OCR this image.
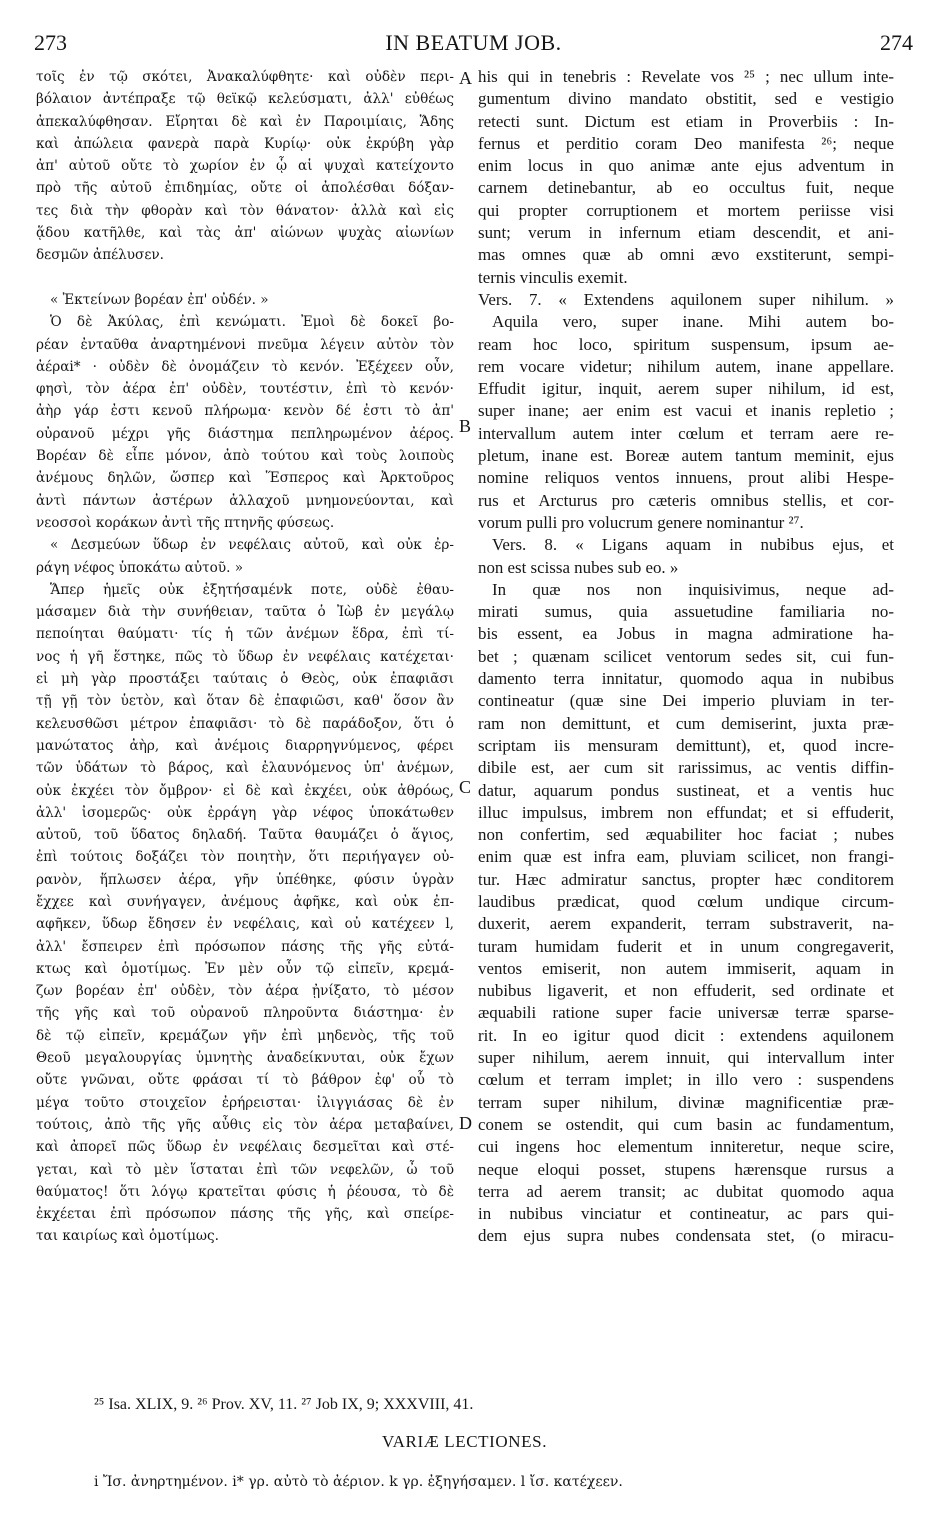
273	IN BEATUM JOB.	274
τοῖς ἐν τῷ σκότει, Ἀνακαλύφθητε· καὶ οὐδὲν περι-
βόλαιον ἀντέπραξε τῷ θεϊκῷ κελεύσματι, ἀλλ' εὐθέως
ἀπεκαλύφθησαν. Εἴρηται δὲ καὶ ἐν Παροιμίαις, Ἅδης
καὶ ἀπώλεια φανερὰ παρὰ Κυρίῳ· οὐκ ἐκρύβη γὰρ
ἀπ' αὐτοῦ οὔτε τὸ χωρίον ἐν ᾧ αἱ ψυχαὶ κατείχοντο
πρὸ τῆς αὐτοῦ ἐπιδημίας, οὔτε οἱ ἀπολέσθαι δόξαν-
τες διὰ τὴν φθορὰν καὶ τὸν θάνατον· ἀλλὰ καὶ εἰς
ᾅδου κατῆλθε, καὶ τὰς ἀπ' αἰώνων ψυχὰς αἰωνίων
δεσμῶν ἀπέλυσεν.
« Ἐκτείνων βορέαν ἐπ' οὐδέν. »
Ὁ δὲ Ἀκύλας, ἐπὶ κενώματι. Ἐμοὶ δὲ δοκεῖ βο-
ρέαν ἐνταῦθα ἀναρτημένονi πνεῦμα λέγειν αὐτὸν τὸν
ἀέραi* · οὐδὲν δὲ ὀνομάζειν τὸ κενόν. Ἐξέχεεν οὖν,
φησὶ, τὸν ἀέρα ἐπ' οὐδὲν, τουτέστιν, ἐπὶ τὸ κενόν·
ἀὴρ γάρ ἐστι κενοῦ πλήρωμα· κενὸν δέ ἐστι τὸ ἀπ'
οὐρανοῦ μέχρι γῆς διάστημα πεπληρωμένον ἀέρος.
Βορέαν δὲ εἶπε μόνον, ἀπὸ τούτου καὶ τοὺς λοιποὺς
ἀνέμους δηλῶν, ὥσπερ καὶ Ἕσπερος καὶ Ἀρκτοῦρος
ἀντὶ πάντων ἀστέρων ἀλλαχοῦ μνημονεύονται, καὶ
νεοσσοὶ κοράκων ἀντὶ τῆς πτηνῆς φύσεως.
« Δεσμεύων ὕδωρ ἐν νεφέλαις αὐτοῦ, καὶ οὐκ ἐρ-
ράγη νέφος ὑποκάτω αὐτοῦ. »
Ἅπερ ἡμεῖς οὐκ ἐξητήσαμένk ποτε, οὐδὲ ἐθαυ-
μάσαμεν διὰ τὴν συνήθειαν, ταῦτα ὁ Ἰὼβ ἐν μεγάλῳ
πεποίηται θαύματι· τίς ἡ τῶν ἀνέμων ἕδρα, ἐπὶ τί-
νος ἡ γῆ ἕστηκε, πῶς τὸ ὕδωρ ἐν νεφέλαις κατέχεται·
εἰ μὴ γὰρ προστάξει ταύταις ὁ Θεὸς, οὐκ ἐπαφιᾶσι
τῇ γῇ τὸν ὑετὸν, καὶ ὅταν δὲ ἐπαφιῶσι, καθ' ὅσον ἂν
κελευσθῶσι μέτρον ἐπαφιᾶσι· τὸ δὲ παράδοξον, ὅτι ὁ
μανώτατος ἀὴρ, καὶ ἀνέμοις διαρρηγνύμενος, φέρει
τῶν ὑδάτων τὸ βάρος, καὶ ἐλαυνόμενος ὑπ' ἀνέμων,
οὐκ ἐκχέει τὸν ὄμβρον· εἰ δὲ καὶ ἐκχέει, οὐκ ἀθρόως,
ἀλλ' ἰσομερῶς· οὐκ ἐρράγη γὰρ νέφος ὑποκάτωθεν
αὐτοῦ, τοῦ ὕδατος δηλαδή. Ταῦτα θαυμάζει ὁ ἅγιος,
ἐπὶ τούτοις δοξάζει τὸν ποιητὴν, ὅτι περιήγαγεν οὐ-
ρανὸν, ἥπλωσεν ἀέρα, γῆν ὑπέθηκε, φύσιν ὑγρὰν
ἔχχεε καὶ συνήγαγεν, ἀνέμους ἀφῆκε, καὶ οὐκ ἐπ-
αφῆκεν, ὕδωρ ἔδησεν ἐν νεφέλαις, καὶ οὐ κατέχεεν l,
ἀλλ' ἔσπειρεν ἐπὶ πρόσωπον πάσης τῆς γῆς εὐτά-
κτως καὶ ὁμοτίμως. Ἐν μὲν οὖν τῷ εἰπεῖν, κρεμά-
ζων βορέαν ἐπ' οὐδὲν, τὸν ἀέρα ᾐνίξατο, τὸ μέσον
τῆς γῆς καὶ τοῦ οὐρανοῦ πληροῦντα διάστημα· ἐν
δὲ τῷ εἰπεῖν, κρεμάζων γῆν ἐπὶ μηδενὸς, τῆς τοῦ
Θεοῦ μεγαλουργίας ὑμνητὴς ἀναδείκνυται, οὐκ ἔχων
οὔτε γνῶναι, οὔτε φράσαι τί τὸ βάθρον ἐφ' οὗ τὸ
μέγα τοῦτο στοιχεῖον ἐρήρεισται· ἰλιγγιάσας δὲ ἐν
τούτοις, ἀπὸ τῆς γῆς αὖθις εἰς τὸν ἀέρα μεταβαίνει,
καὶ ἀπορεῖ πῶς ὕδωρ ἐν νεφέλαις δεσμεῖται καὶ στέ-
γεται, καὶ τὸ μὲν ἵσταται ἐπὶ τῶν νεφελῶν, ὦ τοῦ
θαύματος! ὅτι λόγῳ κρατεῖται φύσις ἡ ῥέουσα, τὸ δὲ
ἐκχέεται ἐπὶ πρόσωπον πάσης τῆς γῆς, καὶ σπείρε-
ται καιρίως καὶ ὁμοτίμως.
his qui in tenebris : Revelate vos ²⁵ ; nec ullum inte-
gumentum divino mandato obstitit, sed e vestigio
retecti sunt. Dictum est etiam in Proverbiis : In-
fernus et perditio coram Deo manifesta ²⁶; neque
enim locus in quo animæ ante ejus adventum in
carnem detinebantur, ab eo occultus fuit, neque
qui propter corruptionem et mortem periisse visi
sunt; verum in infernum etiam descendit, et ani-
mas omnes quæ ab omni ævo exstiterunt, sempi-
ternis vinculis exemit.
Vers. 7. « Extendens aquilonem super nihilum. »
Aquila vero, super inane. Mihi autem bo-
ream hoc loco, spiritum suspensum, ipsum ae-
rem vocare videtur; nihilum autem, inane appellare.
Effudit igitur, inquit, aerem super nihilum, id est,
super inane; aer enim est vacui et inanis repletio ;
intervallum autem inter cœlum et terram aere re-
pletum, inane est. Boreæ autem tantum meminit, ejus
nomine reliquos ventos innuens, prout alibi Hespe-
rus et Arcturus pro cæteris omnibus stellis, et cor-
vorum pulli pro volucrum genere nominantur ²⁷.
Vers. 8. « Ligans aquam in nubibus ejus, et
non est scissa nubes sub eo. »
In quæ nos non inquisivimus, neque ad-
mirati sumus, quia assuetudine familiaria no-
bis essent, ea Jobus in magna admiratione ha-
bet ; quænam scilicet ventorum sedes sit, cui fun-
damento terra innitatur, quomodo aqua in nubibus
contineatur (quæ sine Dei imperio pluviam in ter-
ram non demittunt, et cum demiserint, juxta præ-
scriptam iis mensuram demittunt), et, quod incre-
dibile est, aer cum sit rarissimus, ac ventis diffin-
datur, aquarum pondus sustineat, et a ventis huc
illuc impulsus, imbrem non effundat; et si effuderit,
non confertim, sed æquabiliter hoc faciat ; nubes
enim quæ est infra eam, pluviam scilicet, non frangi-
tur. Hæc admiratur sanctus, propter hæc conditorem
laudibus prædicat, quod cœlum undique circum-
duxerit, aerem expanderit, terram substraverit, na-
turam humidam fuderit et in unum congregaverit,
ventos emiserit, non autem immiserit, aquam in
nubibus ligaverit, et non effuderit, sed ordinate et
æquabili ratione super facie universæ terræ sparse-
rit. In eo igitur quod dicit : extendens aquilonem
super nihilum, aerem innuit, qui intervallum inter
cœlum et terram implet; in illo vero : suspendens
terram super nihilum, divinæ magnificentiæ præ-
conem se ostendit, qui cum basin ac fundamentum,
cui ingens hoc elementum inniteretur, neque scire,
neque eloqui posset, stupens hærensque rursus a
terra ad aerem transit; ac dubitat quomodo aqua
in nubibus vinciatur et contineatur, ac pars qui-
dem ejus supra nubes condensata stet, (o miracu-
A
B
C
D
²⁵ Isa. XLIX, 9. ²⁶ Prov. XV, 11. ²⁷ Job IX, 9; XXXVIII, 41.
VARIÆ LECTIONES.
i Ἴσ. ἀνηρτημένον. i* γρ. αὐτὸ τὸ ἀέριον. k γρ. ἐξηγήσαμεν. l ἴσ. κατέχεεν.
